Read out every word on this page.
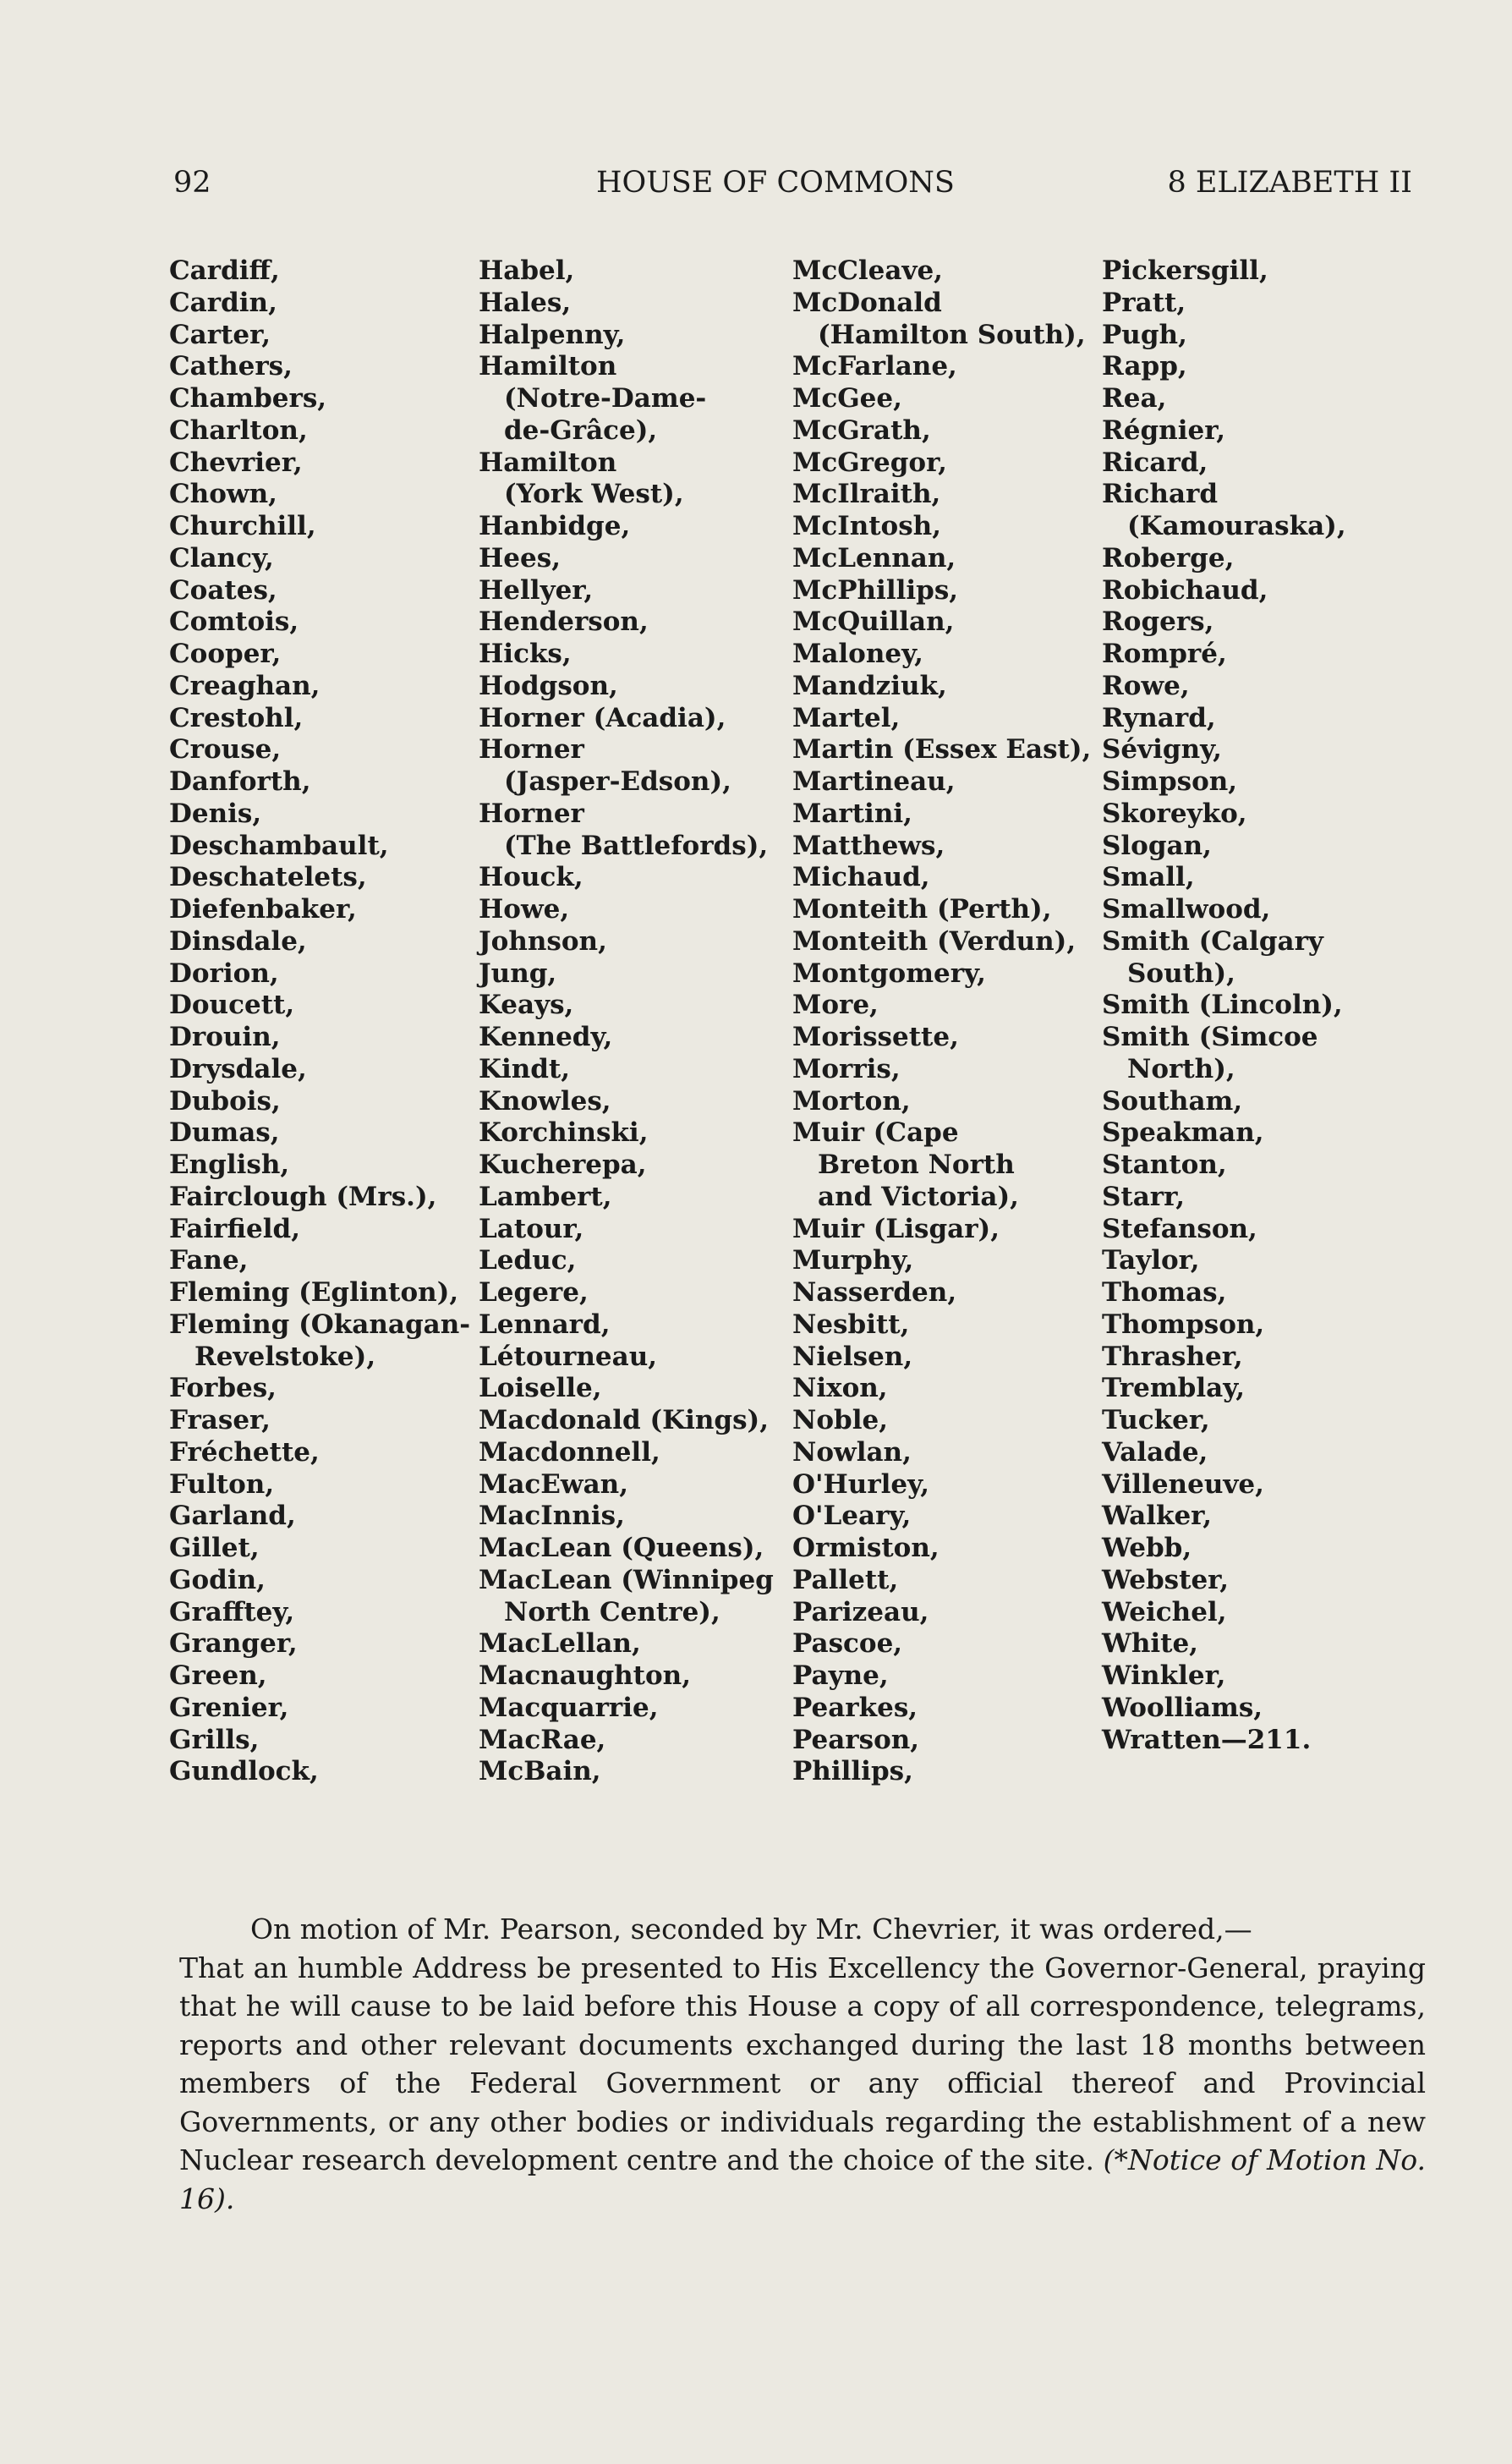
92	HOUSE OF COMMONS	8 ELIZABETH II
Cardiff,
Cardin,
Carter,
Cathers,
Chambers,
Charlton,
Chevrier,
Chown,
Churchill,
Clancy,
Coates,
Comtois,
Cooper,
Creaghan,
Crestohl,
Crouse,
Danforth,
Denis,
Deschambault,
Deschatelets,
Diefenbaker,
Dinsdale,
Dorion,
Doucett,
Drouin,
Drysdale,
Dubois,
Dumas,
English,
Fairclough (Mrs.),
Fairfield,
Fane,
Fleming (Eglinton),
Fleming (Okanagan-
Revelstoke),
Forbes,
Fraser,
Fréchette,
Fulton,
Garland,
Gillet,
Godin,
Grafftey,
Granger,
Green,
Grenier,
Grills,
Gundlock,
Habel,
Hales,
Halpenny,
Hamilton
(Notre-Dame-
de-Grâce),
Hamilton
(York West),
Hanbidge,
Hees,
Hellyer,
Henderson,
Hicks,
Hodgson,
Horner (Acadia),
Horner
(Jasper-Edson),
Horner
(The Battlefords),
Houck,
Howe,
Johnson,
Jung,
Keays,
Kennedy,
Kindt,
Knowles,
Korchinski,
Kucherepa,
Lambert,
Latour,
Leduc,
Legere,
Lennard,
Létourneau,
Loiselle,
Macdonald (Kings),
Macdonnell,
MacEwan,
MacInnis,
MacLean (Queens),
MacLean (Winnipeg
North Centre),
MacLellan,
Macnaughton,
Macquarrie,
MacRae,
McBain,
McCleave,
McDonald
(Hamilton South),
McFarlane,
McGee,
McGrath,
McGregor,
McIlraith,
McIntosh,
McLennan,
McPhillips,
McQuillan,
Maloney,
Mandziuk,
Martel,
Martin (Essex East),
Martineau,
Martini,
Matthews,
Michaud,
Monteith (Perth),
Monteith (Verdun),
Montgomery,
More,
Morissette,
Morris,
Morton,
Muir (Cape
Breton North
and Victoria),
Muir (Lisgar),
Murphy,
Nasserden,
Nesbitt,
Nielsen,
Nixon,
Noble,
Nowlan,
O'Hurley,
O'Leary,
Ormiston,
Pallett,
Parizeau,
Pascoe,
Payne,
Pearkes,
Pearson,
Phillips,
Pickersgill,
Pratt,
Pugh,
Rapp,
Rea,
Régnier,
Ricard,
Richard
(Kamouraska),
Roberge,
Robichaud,
Rogers,
Rompré,
Rowe,
Rynard,
Sévigny,
Simpson,
Skoreyko,
Slogan,
Small,
Smallwood,
Smith (Calgary
South),
Smith (Lincoln),
Smith (Simcoe
North),
Southam,
Speakman,
Stanton,
Starr,
Stefanson,
Taylor,
Thomas,
Thompson,
Thrasher,
Tremblay,
Tucker,
Valade,
Villeneuve,
Walker,
Webb,
Webster,
Weichel,
White,
Winkler,
Woolliams,
Wratten—211.

On motion of Mr. Pearson, seconded by Mr. Chevrier, it was ordered,—

That an humble Address be presented to His Excellency the Governor-General, praying that he will cause to be laid before this House a copy of all correspondence, telegrams, reports and other relevant documents exchanged during the last 18 months between members of the Federal Government or any official thereof and Provincial Governments, or any other bodies or individuals regarding the establishment of a new Nuclear research development centre and the choice of the site. (*Notice of Motion No. 16).
